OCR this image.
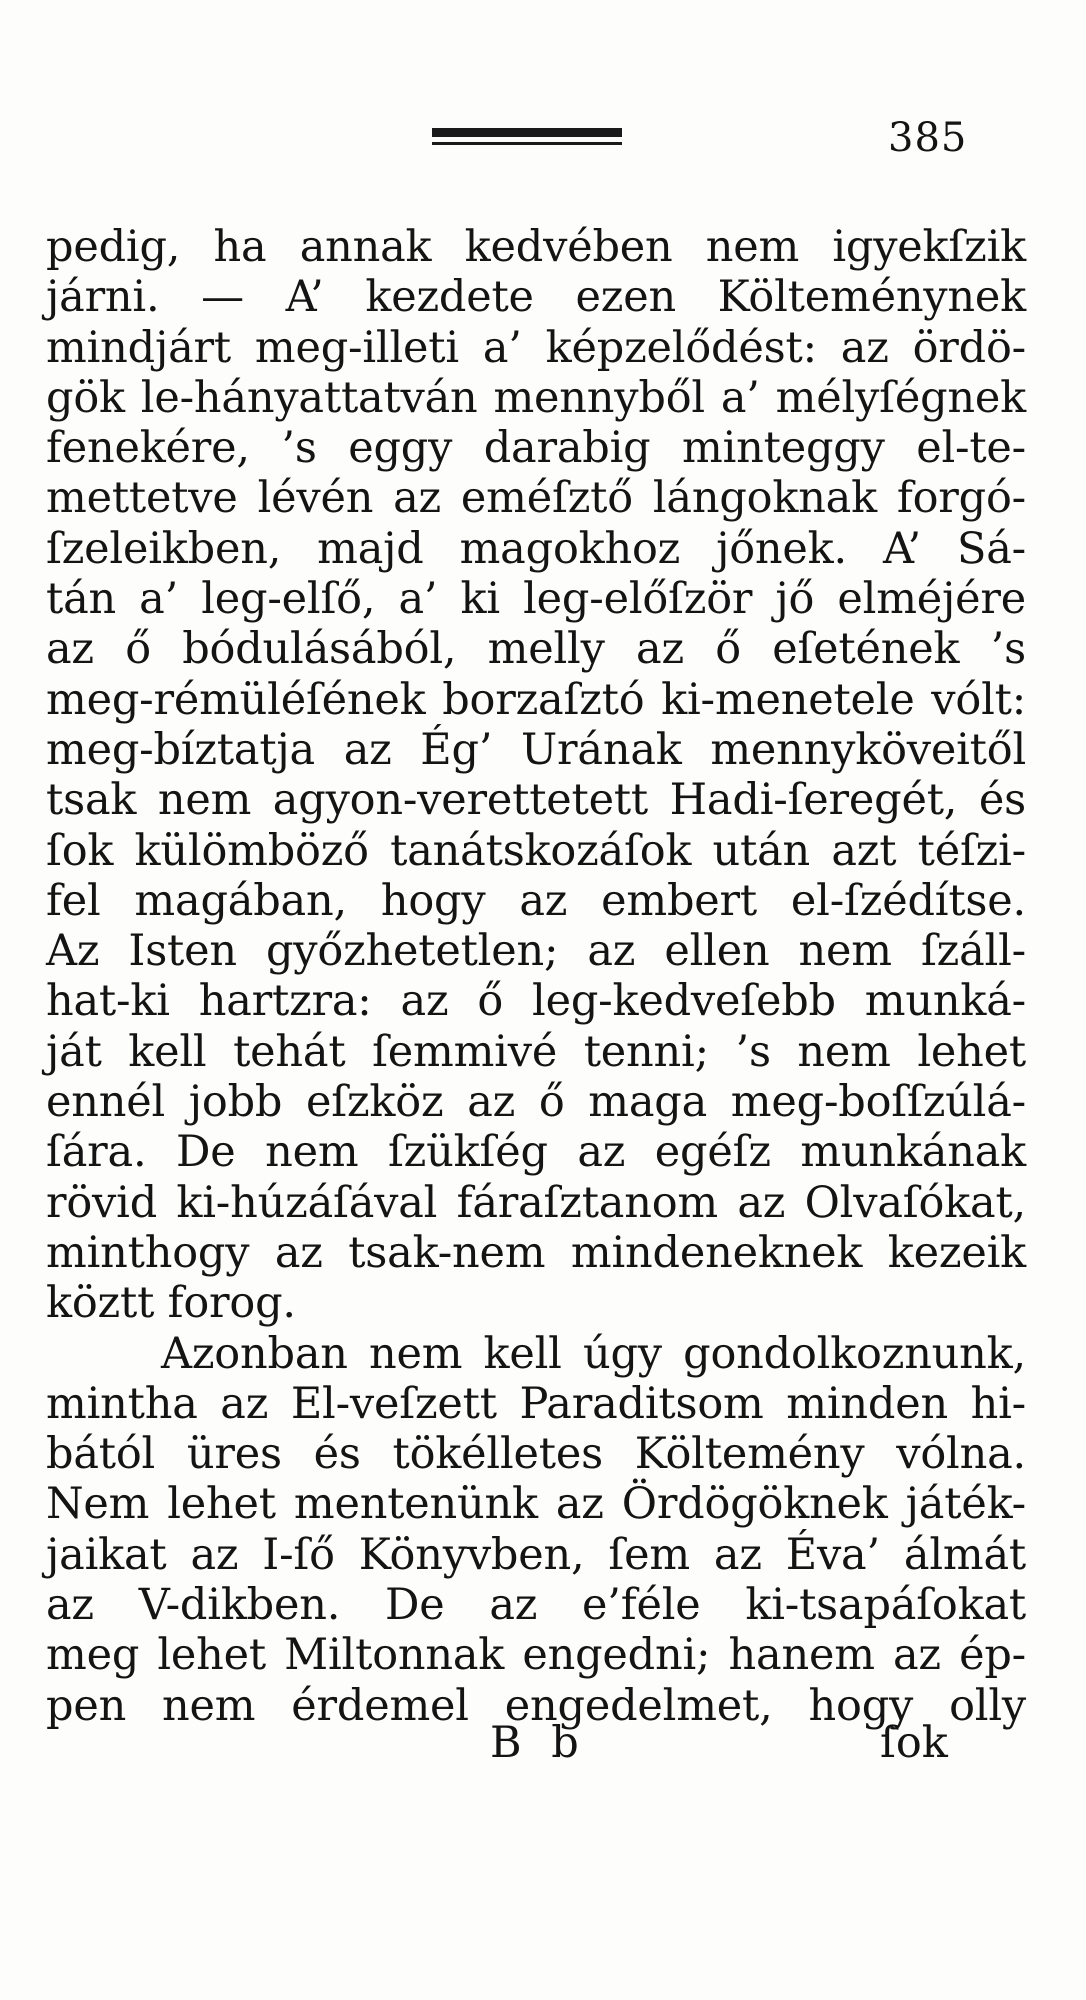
385
pedig, ha annak kedvében nem igyekſzik
járni. — A’ kezdete ezen Költeménynek
mindjárt meg-illeti a’ képzelődést: az ördö-
gök le-hányattatván mennyből a’ mélyſégnek
fenekére, ’s eggy darabig minteggy el-te-
mettetve lévén az eméſztő lángoknak forgó-
ſzeleikben, majd magokhoz jőnek. A’ Sá-
tán a’ leg-elſő, a’ ki leg-előſzör jő elméjére
az ő bódulásából, melly az ő eſetének ’s
meg-rémüléſének borzaſztó ki-menetele vólt:
meg-bíztatja az Ég’ Urának mennyköveitől
tsak nem agyon-verettetett Hadi-ſeregét, és
ſok külömböző tanátskozáſok után azt téſzi-
fel magában, hogy az embert el-ſzédítse.
Az Isten győzhetetlen; az ellen nem ſzáll-
hat-ki hartzra: az ő leg-kedveſebb munká-
ját kell tehát ſemmivé tenni; ’s nem lehet
ennél jobb eſzköz az ő maga meg-boſſzúlá-
ſára. De nem ſzükſég az egéſz munkának
rövid ki-húzáſával fáraſztanom az Olvaſókat,
minthogy az tsak-nem mindeneknek kezeik
köztt forog.
Azonban nem kell úgy gondolkoznunk,
mintha az El-veſzett Paraditsom minden hi-
bától üres és tökélletes Költemény vólna.
Nem lehet mentenünk az Ördögöknek játék-
jaikat az I-ſő Könyvben, ſem az Éva’ álmát
az V-dikben. De az e’féle ki-tsapáſokat
meg lehet Miltonnak engedni; hanem az ép-
pen nem érdemel engedelmet, hogy olly
B b	ſok
